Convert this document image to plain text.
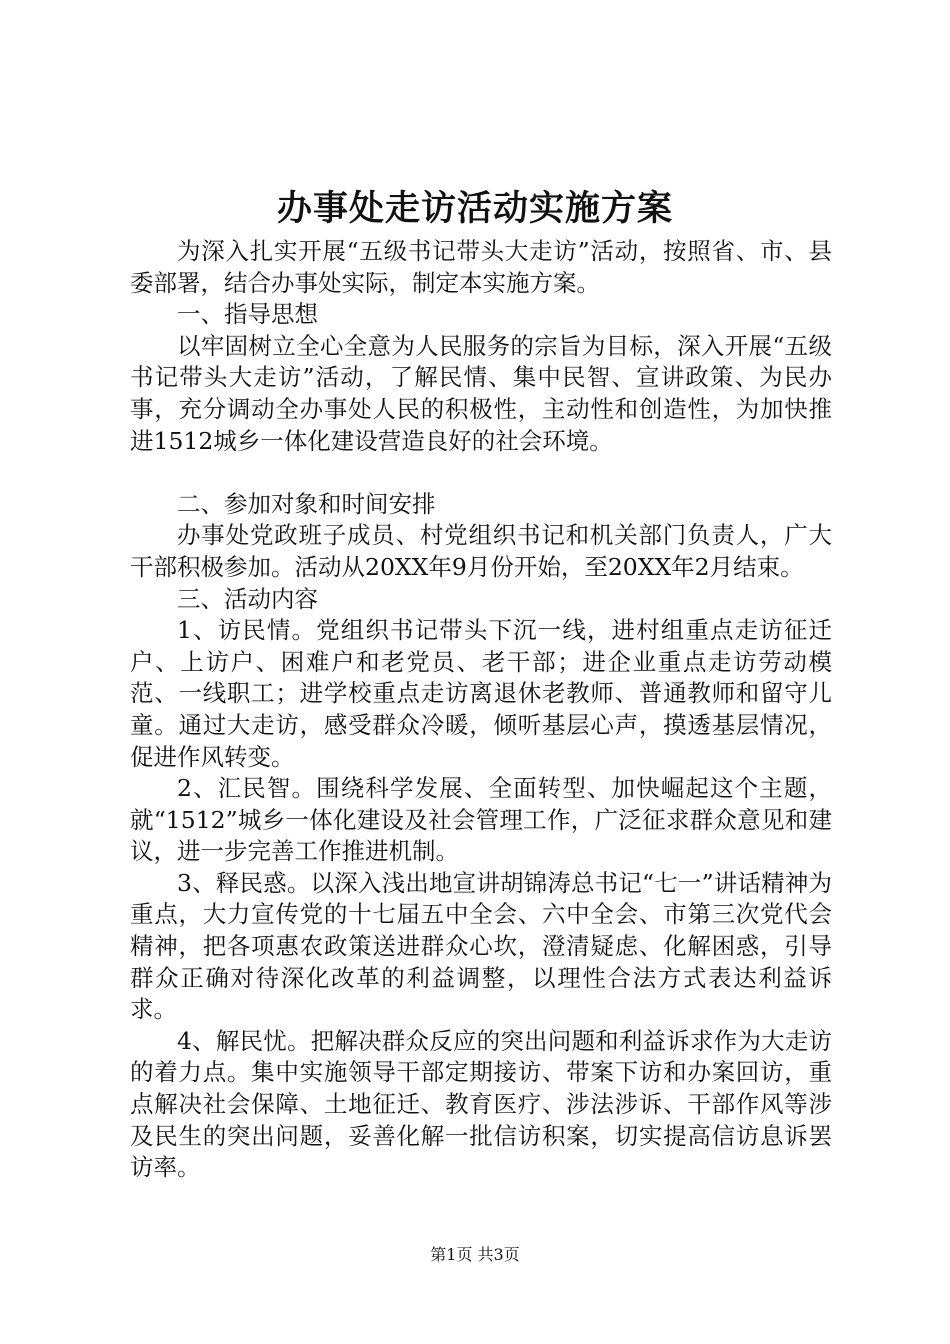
办事处走访活动实施方案

为深入扎实开展“五级书记带头大走访”活动，按照省、市、县委部署，结合办事处实际，制定本实施方案。

一、指导思想

以牢固树立全心全意为人民服务的宗旨为目标，深入开展“五级书记带头大走访”活动，了解民情、集中民智、宣讲政策、为民办事，充分调动全办事处人民的积极性，主动性和创造性，为加快推进1512城乡一体化建设营造良好的社会环境。

二、参加对象和时间安排

办事处党政班子成员、村党组织书记和机关部门负责人，广大干部积极参加。活动从20XX年9月份开始，至20XX年2月结束。

三、活动内容

1、访民情。党组织书记带头下沉一线，进村组重点走访征迁户、上访户、困难户和老党员、老干部；进企业重点走访劳动模范、一线职工；进学校重点走访离退休老教师、普通教师和留守儿童。通过大走访，感受群众冷暖，倾听基层心声，摸透基层情况，促进作风转变。

2、汇民智。围绕科学发展、全面转型、加快崛起这个主题，就“1512”城乡一体化建设及社会管理工作，广泛征求群众意见和建议，进一步完善工作推进机制。

3、释民惑。以深入浅出地宣讲胡锦涛总书记“七一”讲话精神为重点，大力宣传党的十七届五中全会、六中全会、市第三次党代会精神，把各项惠农政策送进群众心坎，澄清疑虑、化解困惑，引导群众正确对待深化改革的利益调整，以理性合法方式表达利益诉求。

4、解民忧。把解决群众反应的突出问题和利益诉求作为大走访的着力点。集中实施领导干部定期接访、带案下访和办案回访，重点解决社会保障、土地征迁、教育医疗、涉法涉诉、干部作风等涉及民生的突出问题，妥善化解一批信访积案，切实提高信访息诉罢访率。

第1页 共3页
